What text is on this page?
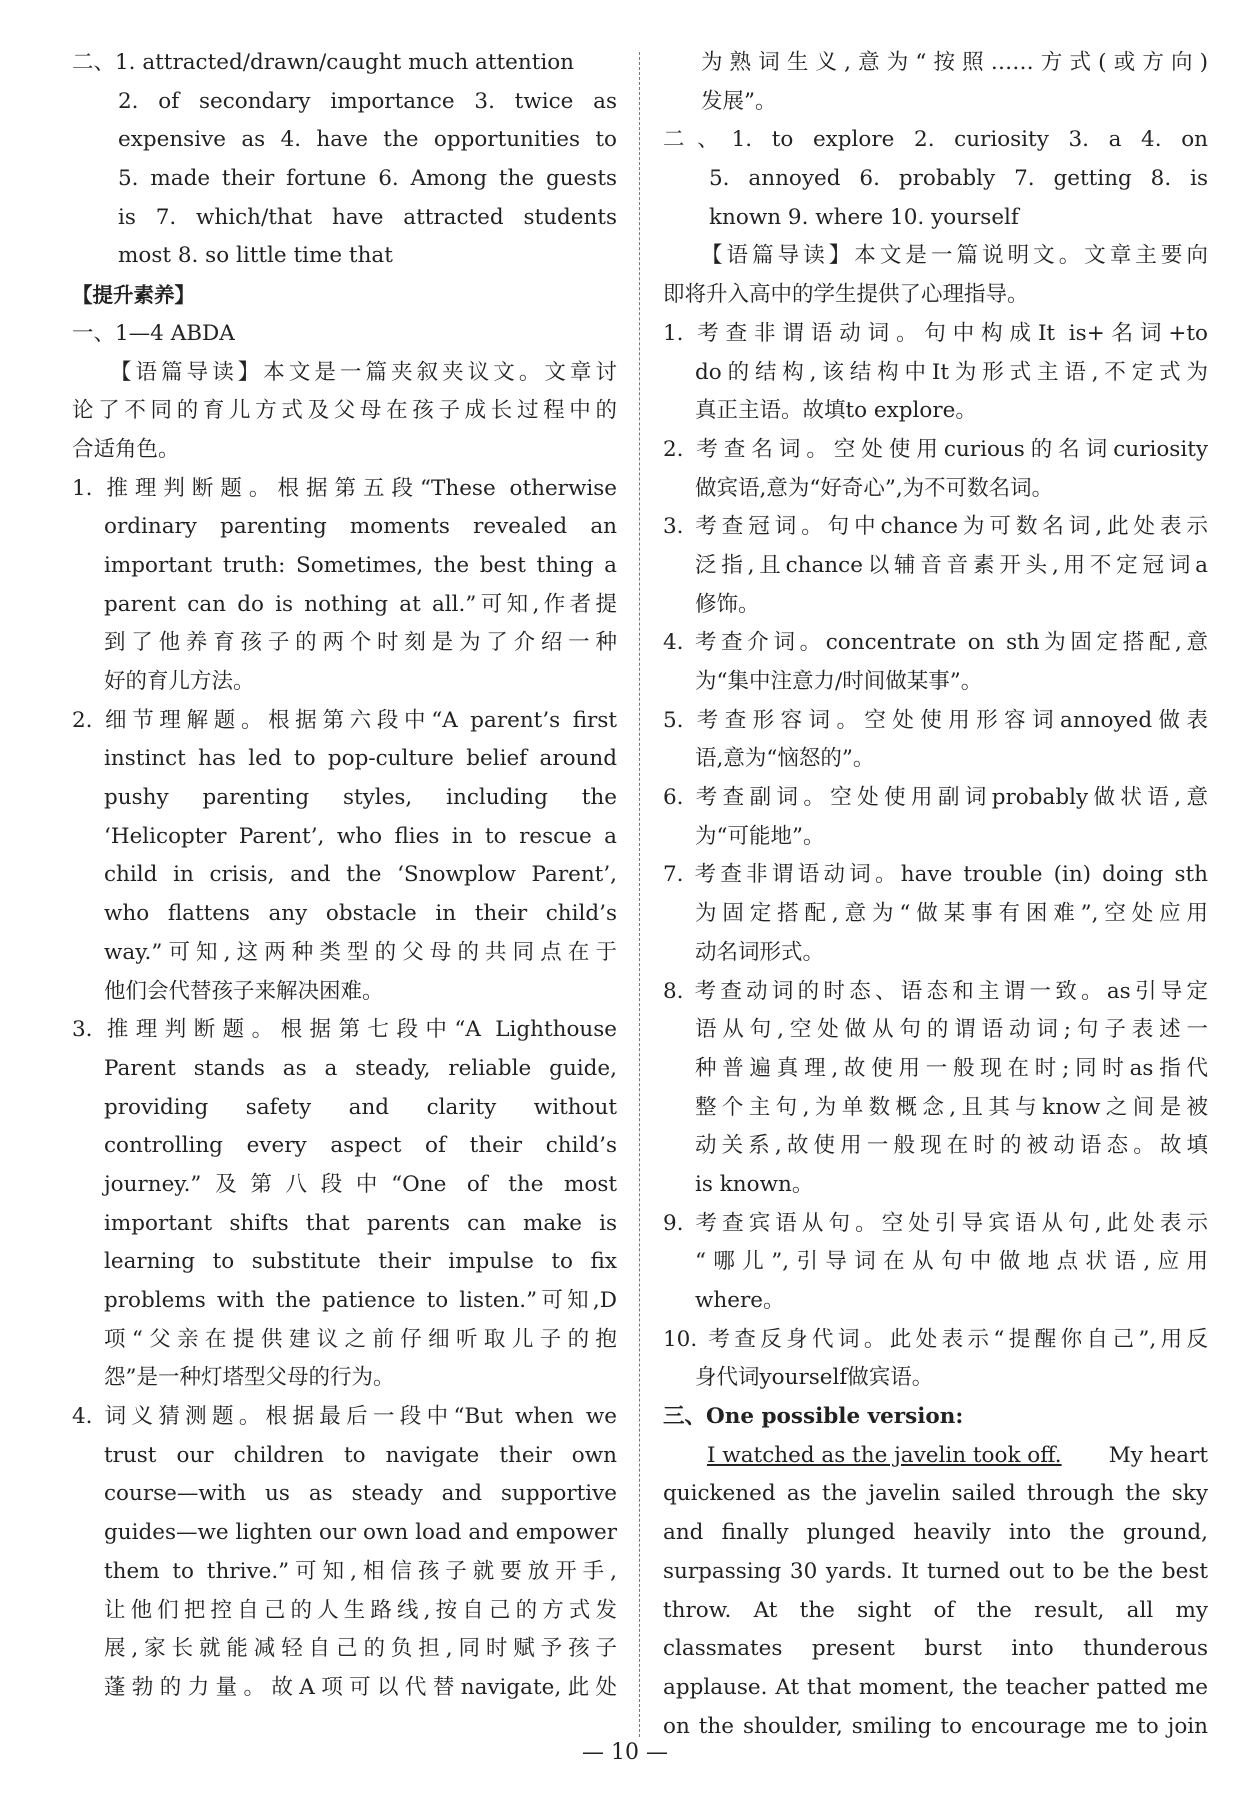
二、1. attracted/drawn/caught much attention
2. of secondary importance 3. twice as
expensive as 4. have the opportunities to
5. made their fortune 6. Among the guests
is 7. which/that have attracted students
most 8. so little time that
【提升素养】
一、1—4 ABDA
【语篇导读】本文是一篇夹叙夹议文。文章讨
论了不同的育儿方式及父母在孩子成长过程中的
合适角色。
1. 推理判断题。根据第五段“These otherwise
ordinary parenting moments revealed an
important truth: Sometimes, the best thing a
parent can do is nothing at all.”可知,作者提
到了他养育孩子的两个时刻是为了介绍一种
好的育儿方法。
2. 细节理解题。根据第六段中“A parent’s first
instinct has led to pop-culture belief around
pushy parenting styles, including the
‘Helicopter Parent’, who flies in to rescue a
child in crisis, and the ‘Snowplow Parent’,
who flattens any obstacle in their child’s
way.”可知,这两种类型的父母的共同点在于
他们会代替孩子来解决困难。
3. 推理判断题。根据第七段中“A Lighthouse
Parent stands as a steady, reliable guide,
providing safety and clarity without
controlling every aspect of their child’s
journey.”及第八段中“One of the most
important shifts that parents can make is
learning to substitute their impulse to fix
problems with the patience to listen.”可知,D
项“父亲在提供建议之前仔细听取儿子的抱
怨”是一种灯塔型父母的行为。
4. 词义猜测题。根据最后一段中“But when we
trust our children to navigate their own
course—with us as steady and supportive
guides—we lighten our own load and empower
them to thrive.”可知,相信孩子就要放开手,
让他们把控自己的人生路线,按自己的方式发
展,家长就能减轻自己的负担,同时赋予孩子
蓬勃的力量。故A项可以代替navigate,此处
为熟词生义,意为“按照……方式(或方向)
发展”。
二、1. to explore 2. curiosity 3. a 4. on
5. annoyed 6. probably 7. getting 8. is
known 9. where 10. yourself
【语篇导读】本文是一篇说明文。文章主要向
即将升入高中的学生提供了心理指导。
1. 考查非谓语动词。句中构成It is+名词+to
do的结构,该结构中It为形式主语,不定式为
真正主语。故填to explore。
2. 考查名词。空处使用curious的名词curiosity
做宾语,意为“好奇心”,为不可数名词。
3. 考查冠词。句中chance为可数名词,此处表示
泛指,且chance以辅音音素开头,用不定冠词a
修饰。
4. 考查介词。concentrate on sth为固定搭配,意
为“集中注意力/时间做某事”。
5. 考查形容词。空处使用形容词annoyed做表
语,意为“恼怒的”。
6. 考查副词。空处使用副词probably做状语,意
为“可能地”。
7. 考查非谓语动词。have trouble (in) doing sth
为固定搭配,意为“做某事有困难”,空处应用
动名词形式。
8. 考查动词的时态、语态和主谓一致。as引导定
语从句,空处做从句的谓语动词;句子表述一
种普遍真理,故使用一般现在时;同时as指代
整个主句,为单数概念,且其与know之间是被
动关系,故使用一般现在时的被动语态。故填
is known。
9. 考查宾语从句。空处引导宾语从句,此处表示
“哪儿”,引导词在从句中做地点状语,应用
where。
10. 考查反身代词。此处表示“提醒你自己”,用反
身代词yourself做宾语。
三、One possible version:
I watched as the javelin took off. My heart
quickened as the javelin sailed through the sky
and finally plunged heavily into the ground,
surpassing 30 yards. It turned out to be the best
throw. At the sight of the result, all my
classmates present burst into thunderous
applause. At that moment, the teacher patted me
on the shoulder, smiling to encourage me to join
— 10 —
